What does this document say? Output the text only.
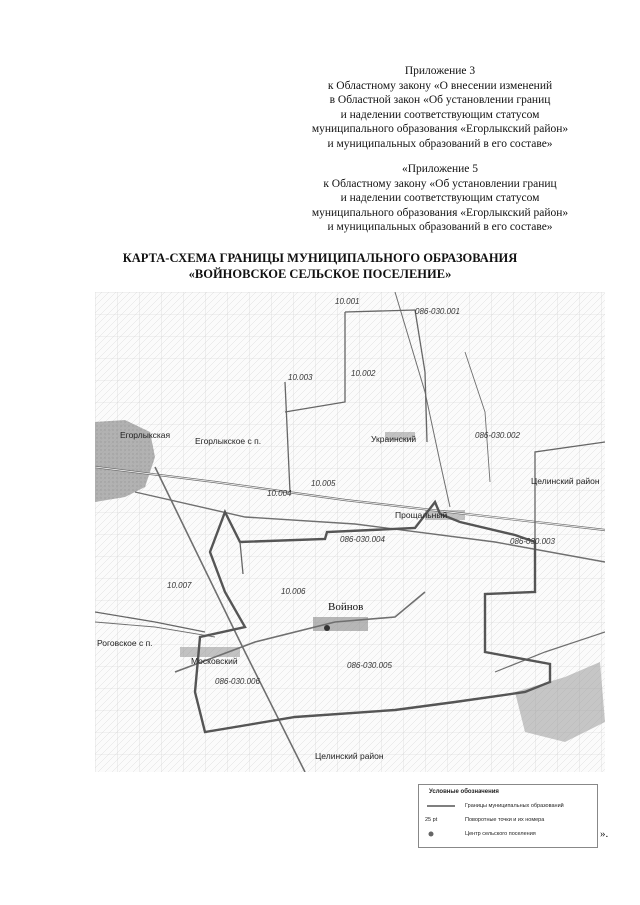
Приложение 3
к Областному закону «О внесении изменений
в Областной закон «Об установлении границ
и наделении соответствующим статусом
муниципального образования «Егорлыкский район»
и муниципальных образований в его составе»
«Приложение 5
к Областному закону «Об установлении границ
и наделении соответствующим статусом
муниципального образования «Егорлыкский район»
и муниципальных образований в его составе»
КАРТА-СХЕМА ГРАНИЦЫ МУНИЦИПАЛЬНОГО ОБРАЗОВАНИЯ
«ВОЙНОВСКОЕ СЕЛЬСКОЕ ПОСЕЛЕНИЕ»
Егорлыкская
Егорлыкское с п.	Украинский
Прощальный
Войнов
Московский
Роговское с п.
Целинский район
Целинский район
10.001
10.002
10.003
10.004
10.005
10.006
10.007
086-030.001
086-030.002
086-030.003
086-030.004
086-030.005
086-030.006
Условные обозначения
Границы муниципальных образований
25 pt	Поворотные точки и их номера
Центр сельского поселения	».
